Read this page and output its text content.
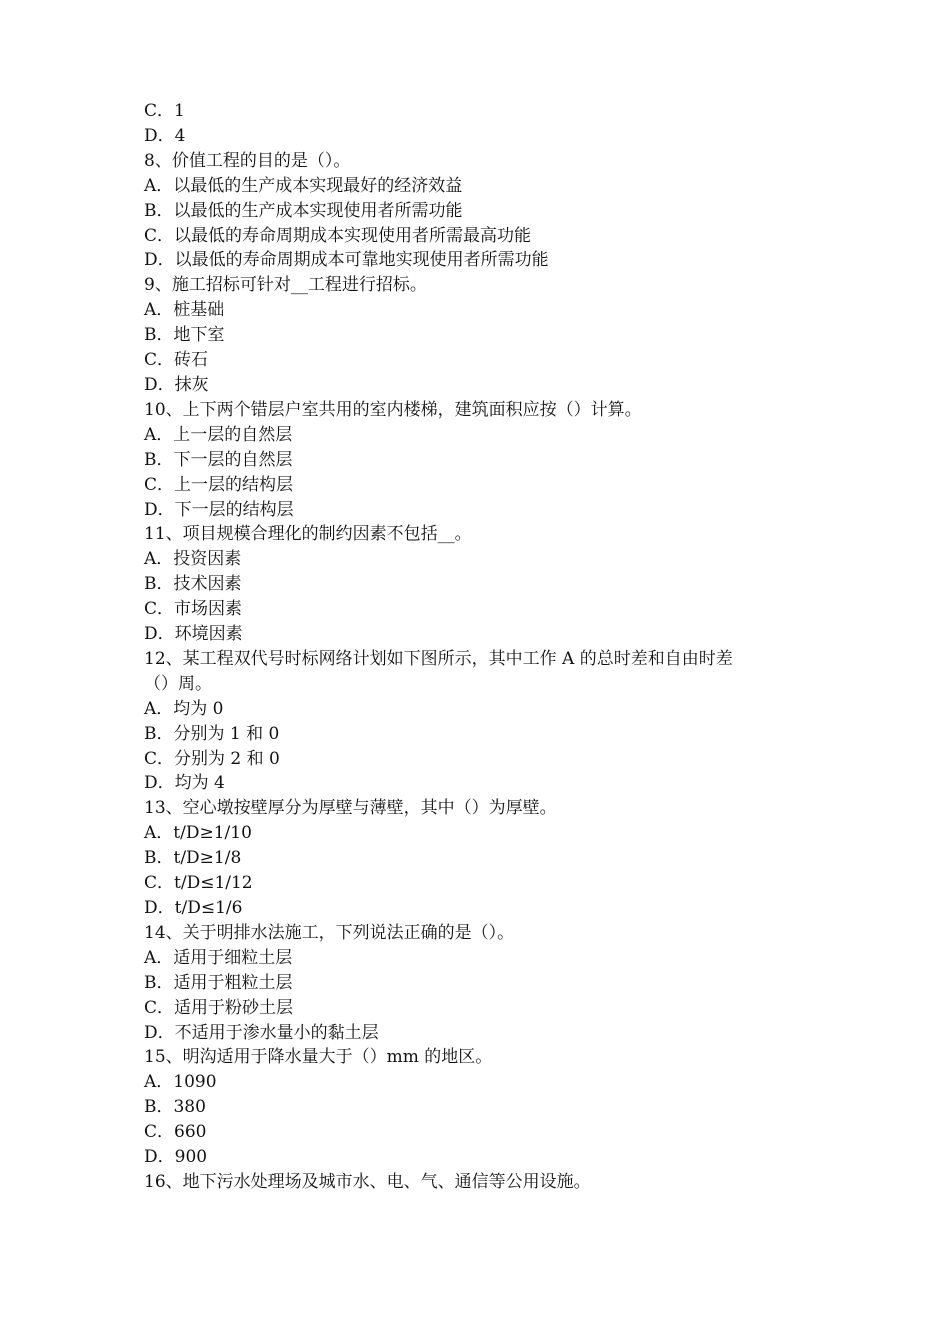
C．1

D．4

8、价值工程的目的是（）。

A．以最低的生产成本实现最好的经济效益

B．以最低的生产成本实现使用者所需功能

C．以最低的寿命周期成本实现使用者所需最高功能

D．以最低的寿命周期成本可靠地实现使用者所需功能

9、施工招标可针对__工程进行招标。

A．桩基础

B．地下室

C．砖石

D．抹灰

10、上下两个错层户室共用的室内楼梯，建筑面积应按（）计算。

A．上一层的自然层

B．下一层的自然层

C．上一层的结构层

D．下一层的结构层

11、项目规模合理化的制约因素不包括__。

A．投资因素

B．技术因素

C．市场因素

D．环境因素

12、某工程双代号时标网络计划如下图所示，其中工作 A 的总时差和自由时差

（）周。

A．均为 0

B．分别为 1 和 0

C．分别为 2 和 0

D．均为 4

13、空心墩按壁厚分为厚壁与薄壁，其中（）为厚壁。

A．t/D≥1/10

B．t/D≥1/8

C．t/D≤1/12

D．t/D≤1/6

14、关于明排水法施工，下列说法正确的是（）。

A．适用于细粒土层

B．适用于粗粒土层

C．适用于粉砂土层

D．不适用于渗水量小的黏土层

15、明沟适用于降水量大于（）mm 的地区。

A．1090

B．380

C．660

D．900

16、地下污水处理场及城市水、电、气、通信等公用设施。
